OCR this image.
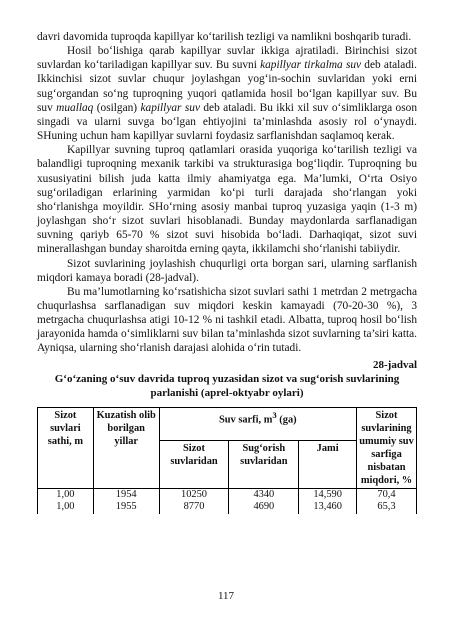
davri davomida tuproqda kapillyar ko‘tarilish tezligi va namlikni boshqarib turadi.

Hosil bo‘lishiga qarab kapillyar suvlar ikkiga ajratiladi. Birinchisi sizot suvlardan ko‘tariladigan kapillyar suv. Bu suvni kapillyar tirkalma suv deb ataladi. Ikkinchisi sizot suvlar chuqur joylashgan yog‘in-sochin suvlaridan yoki erni sug‘organdan so‘ng tuproqning yuqori qatlamida hosil bo‘lgan kapillyar suv. Bu suv muallaq (osilgan) kapillyar suv deb ataladi. Bu ikki xil suv o‘simliklarga oson singadi va ularni suvga bo‘lgan ehtiyojini ta’minlashda asosiy rol o‘ynaydi. SHuning uchun ham kapillyar suvlarni foydasiz sarflanishdan saqlamoq kerak.

Kapillyar suvning tuproq qatlamlari orasida yuqoriga ko‘tarilish tezligi va balandligi tuproqning mexanik tarkibi va strukturasiga bog‘liqdir. Tuproqning bu xususiyatini bilish juda katta ilmiy ahamiyatga ega. Ma’lumki, O‘rta Osiyo sug‘oriladigan erlarining yarmidan ko‘pi turli darajada sho‘rlangan yoki sho‘rlanishga moyildir. SHo‘rning asosiy manbai tuproq yuzasiga yaqin (1-3 m) joylashgan sho‘r sizot suvlari hisoblanadi. Bunday maydonlarda sarflanadigan suvning qariyb 65-70 % sizot suvi hisobida bo‘ladi. Darhaqiqat, sizot suvi minerallashgan bunday sharoitda erning qayta, ikkilamchi sho‘rlanishi tabiiydir.

Sizot suvlarining joylashish chuqurligi orta borgan sari, ularning sarflanish miqdori kamaya boradi (28-jadval).

Bu ma’lumotlarning ko‘rsatishicha sizot suvlari sathi 1 metrdan 2 metrgacha chuqurlashsa sarflanadigan suv miqdori keskin kamayadi (70-20-30 %), 3 metrgacha chuqurlashsa atigi 10-12 % ni tashkil etadi. Albatta, tuproq hosil bo‘lish jarayonida hamda o‘simliklarni suv bilan ta’minlashda sizot suvlarning ta’siri katta. Ayniqsa, ularning sho‘rlanish darajasi alohida o‘rin tutadi.

28-jadval

G‘o‘zaning o‘suv davrida tuproq yuzasidan sizot va sug‘orish suvlarining
parlanishi (aprel-oktyabr oylari)

Sizot suvlari sathi, m	Kuzatish olib borilgan yillar	Suv sarfi, $m^3$ (ga)			Sizot suvlarining umumiy suv sarfiga nisbatan miqdori, %
		Sizot suvlaridan	Sug‘orish suvlaridan	Jami	
1,00	1954	10250	4340	14,590	70,4
1,00	1955	8770	4690	13,460	65,3
117
